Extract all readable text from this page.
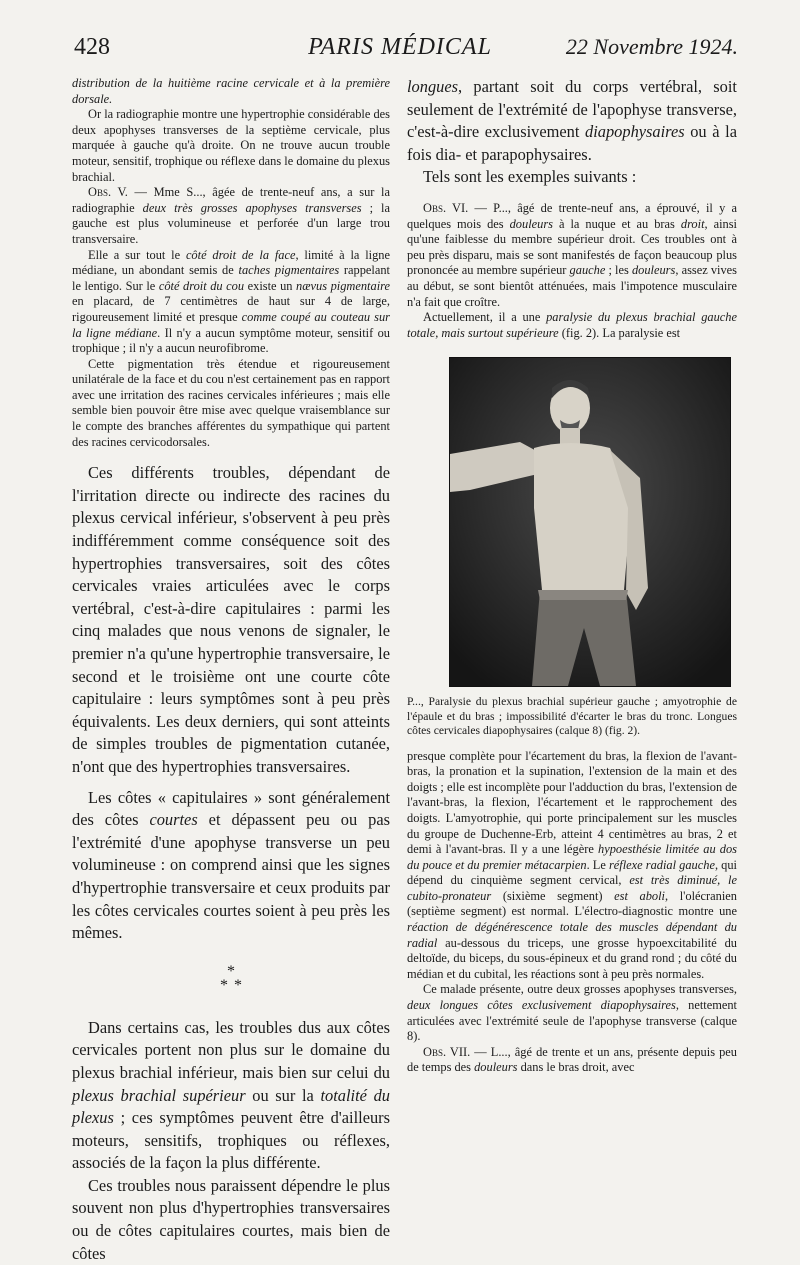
428	PARIS MÉDICAL	22 Novembre 1924.

distribution de la huitième racine cervicale et à la première dorsale.

Or la radiographie montre une hypertrophie considérable des deux apophyses transverses de la septième cervicale, plus marquée à gauche qu'à droite. On ne trouve aucun trouble moteur, sensitif, trophique ou réflexe dans le domaine du plexus brachial.

Obs. V. — Mme S..., âgée de trente-neuf ans, a sur la radiographie deux très grosses apophyses transverses ; la gauche est plus volumineuse et perforée d'un large trou transversaire.

Elle a sur tout le côté droit de la face, limité à la ligne médiane, un abondant semis de taches pigmentaires rappelant le lentigo. Sur le côté droit du cou existe un nævus pigmentaire en placard, de 7 centimètres de haut sur 4 de large, rigoureusement limité et presque comme coupé au couteau sur la ligne médiane. Il n'y a aucun symptôme moteur, sensitif ou trophique ; il n'y a aucun neurofibrome.

Cette pigmentation très étendue et rigoureusement unilatérale de la face et du cou n'est certainement pas en rapport avec une irritation des racines cervicales inférieures ; mais elle semble bien pouvoir être mise avec quelque vraisemblance sur le compte des branches afférentes du sympathique qui partent des racines cervicodorsales.

Ces différents troubles, dépendant de l'irritation directe ou indirecte des racines du plexus cervical inférieur, s'observent à peu près indifféremment comme conséquence soit des hypertrophies transversaires, soit des côtes cervicales vraies articulées avec le corps vertébral, c'est-à-dire capitulaires : parmi les cinq malades que nous venons de signaler, le premier n'a qu'une hypertrophie transversaire, le second et le troisième ont une courte côte capitulaire : leurs symptômes sont à peu près équivalents. Les deux derniers, qui sont atteints de simples troubles de pigmentation cutanée, n'ont que des hypertrophies transversaires.

Les côtes « capitulaires » sont généralement des côtes courtes et dépassent peu ou pas l'extrémité d'une apophyse transverse un peu volumineuse : on comprend ainsi que les signes d'hypertrophie transversaire et ceux produits par les côtes cervicales courtes soient à peu près les mêmes.

*
**

Dans certains cas, les troubles dus aux côtes cervicales portent non plus sur le domaine du plexus brachial inférieur, mais bien sur celui du plexus brachial supérieur ou sur la totalité du plexus ; ces symptômes peuvent être d'ailleurs moteurs, sensitifs, trophiques ou réflexes, associés de la façon la plus différente.

Ces troubles nous paraissent dépendre le plus souvent non plus d'hypertrophies transversaires ou de côtes capitulaires courtes, mais bien de côtes

longues, partant soit du corps vertébral, soit seulement de l'extrémité de l'apophyse transverse, c'est-à-dire exclusivement diapophysaires ou à la fois dia- et parapophysaires.

Tels sont les exemples suivants :

Obs. VI. — P..., âgé de trente-neuf ans, a éprouvé, il y a quelques mois des douleurs à la nuque et au bras droit, ainsi qu'une faiblesse du membre supérieur droit. Ces troubles ont à peu près disparu, mais se sont manifestés de façon beaucoup plus prononcée au membre supérieur gauche ; les douleurs, assez vives au début, se sont bientôt atténuées, mais l'impotence musculaire n'a fait que croître.

Actuellement, il a une paralysie du plexus brachial gauche totale, mais surtout supérieure (fig. 2). La paralysie est

P..., Paralysie du plexus brachial supérieur gauche ; amyotrophie de l'épaule et du bras ; impossibilité d'écarter le bras du tronc. Longues côtes cervicales diapophysaires (calque 8) (fig. 2).

presque complète pour l'écartement du bras, la flexion de l'avant-bras, la pronation et la supination, l'extension de la main et des doigts ; elle est incomplète pour l'adduction du bras, l'extension de l'avant-bras, la flexion, l'écartement et le rapprochement des doigts. L'amyotrophie, qui porte principalement sur les muscles du groupe de Duchenne-Erb, atteint 4 centimètres au bras, 2 et demi à l'avant-bras. Il y a une légère hypoesthésie limitée au dos du pouce et du premier métacarpien. Le réflexe radial gauche, qui dépend du cinquième segment cervical, est très diminué, le cubito-pronateur (sixième segment) est aboli, l'olécranien (septième segment) est normal. L'électro-diagnostic montre une réaction de dégénérescence totale des muscles dépendant du radial au-dessous du triceps, une grosse hypoexcitabilité du deltoïde, du biceps, du sous-épineux et du grand rond ; du côté du médian et du cubital, les réactions sont à peu près normales.

Ce malade présente, outre deux grosses apophyses transverses, deux longues côtes exclusivement diapophysaires, nettement articulées avec l'extrémité seule de l'apophyse transverse (calque 8).

Obs. VII. — L..., âgé de trente et un ans, présente depuis peu de temps des douleurs dans le bras droit, avec
